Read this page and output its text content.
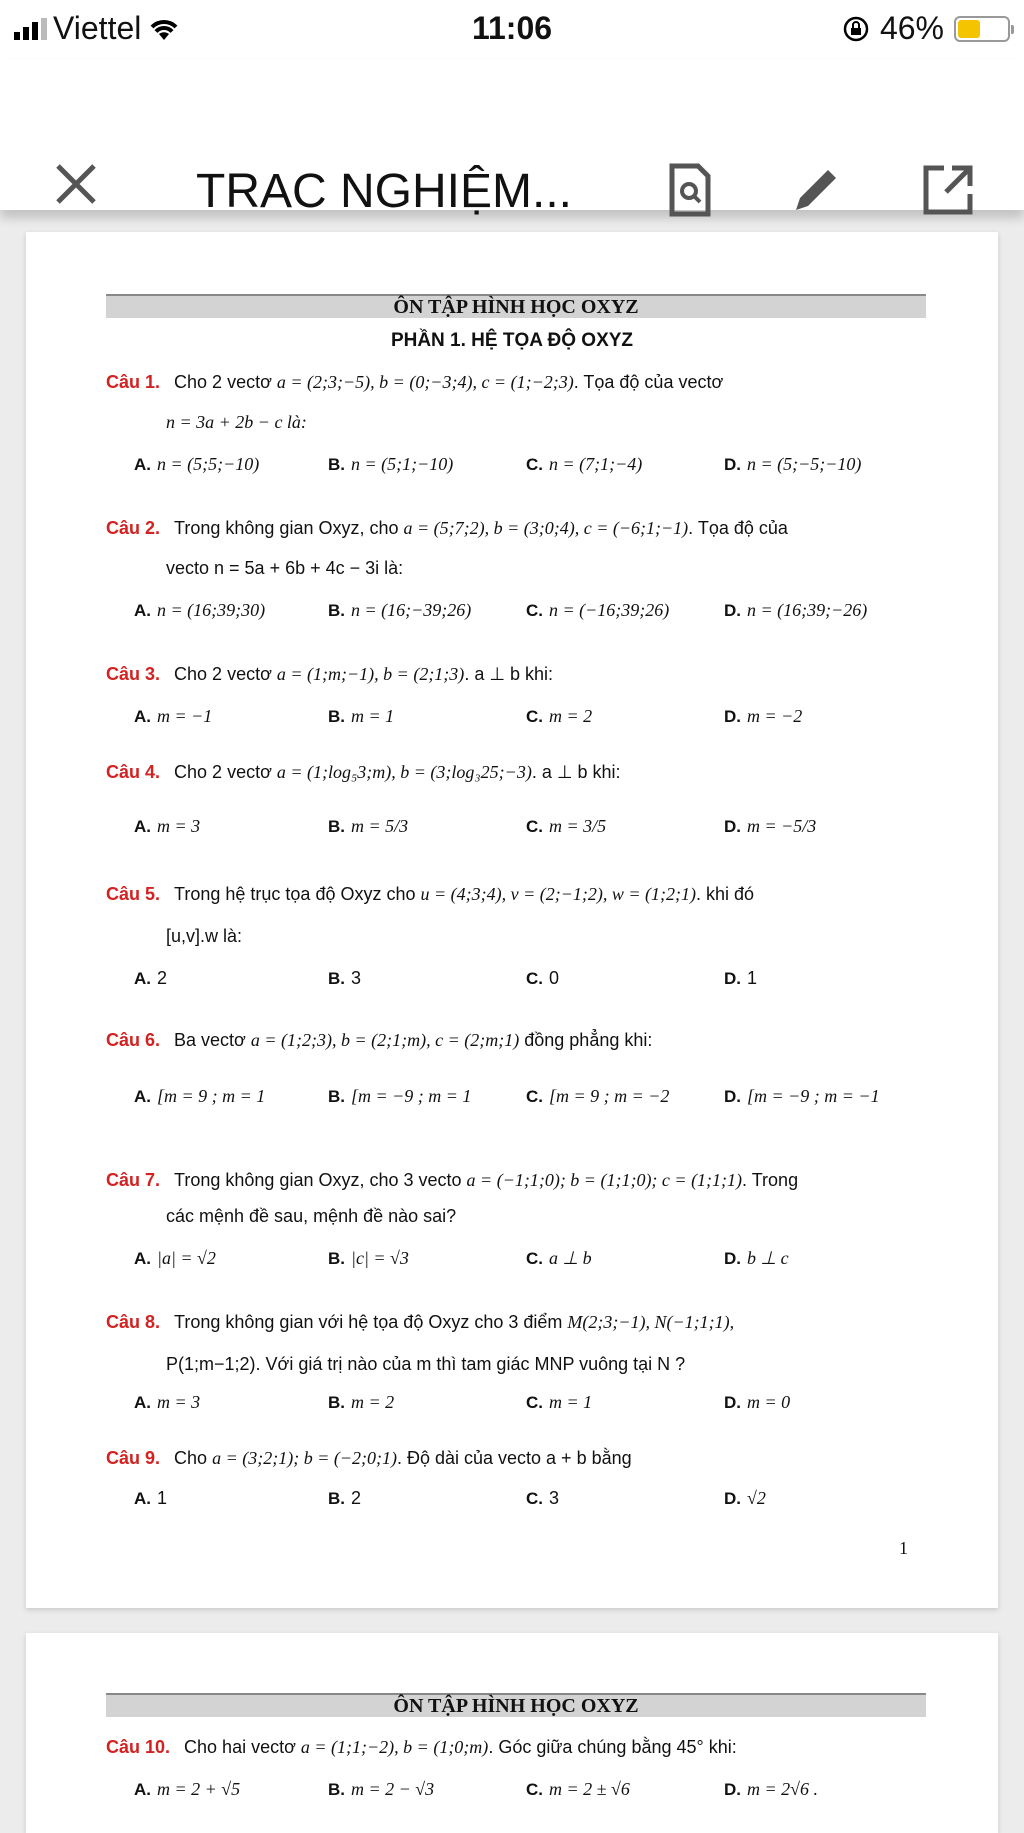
Viettel	11:06	46%
TRAC NGHIỆM...
ÔN TẬP HÌNH HỌC OXYZ
PHẦN 1. HỆ TỌA ĐỘ OXYZ
Câu 1. Cho 2 vectơ a = (2;3;−5), b = (0;−3;4), c = (1;−2;3). Tọa độ của vectơ
n = 3a + 2b − c là:
A. n = (5;5;−10)	B. n = (5;1;−10)	C. n = (7;1;−4)	D. n = (5;−5;−10)
Câu 2. Trong không gian Oxyz, cho a = (5;7;2), b = (3;0;4), c = (−6;1;−1). Tọa độ của
vecto n = 5a + 6b + 4c − 3i là:
A. n = (16;39;30)	B. n = (16;−39;26)	C. n = (−16;39;26)	D. n = (16;39;−26)
Câu 3. Cho 2 vectơ a = (1;m;−1), b = (2;1;3). a ⊥ b khi:
A. m = −1	B. m = 1	C. m = 2	D. m = −2
Câu 4. Cho 2 vectơ a = (1;log₅3;m), b = (3;log₃25;−3). a ⊥ b khi:
A. m = 3	B. m = 5/3	C. m = 3/5	D. m = −5/3
Câu 5. Trong hệ trục tọa độ Oxyz cho u = (4;3;4), v = (2;−1;2), w = (1;2;1). khi đó
[u,v].w là:
A. 2	B. 3	C. 0	D. 1
Câu 6. Ba vectơ a = (1;2;3), b = (2;1;m), c = (2;m;1) đồng phẳng khi:
A. [m = 9 ; m = 1	B. [m = −9 ; m = 1	C. [m = 9 ; m = −2	D. [m = −9 ; m = −1
Câu 7. Trong không gian Oxyz, cho 3 vecto a = (−1;1;0); b = (1;1;0); c = (1;1;1). Trong
các mệnh đề sau, mệnh đề nào sai?
A. |a| = √2	B. |c| = √3	C. a ⊥ b	D. b ⊥ c
Câu 8. Trong không gian với hệ tọa độ Oxyz cho 3 điểm M(2;3;−1), N(−1;1;1),
P(1;m−1;2). Với giá trị nào của m thì tam giác MNP vuông tại N ?
A. m = 3	B. m = 2	C. m = 1	D. m = 0
Câu 9. Cho a = (3;2;1); b = (−2;0;1). Độ dài của vecto a + b bằng
A. 1	B. 2	C. 3	D. √2
1
ÔN TẬP HÌNH HỌC OXYZ
Câu 10. Cho hai vectơ a = (1;1;−2), b = (1;0;m). Góc giữa chúng bằng 45° khi:
A. m = 2 + √5	B. m = 2 − √3	C. m = 2 ± √6	D. m = 2√6 .
